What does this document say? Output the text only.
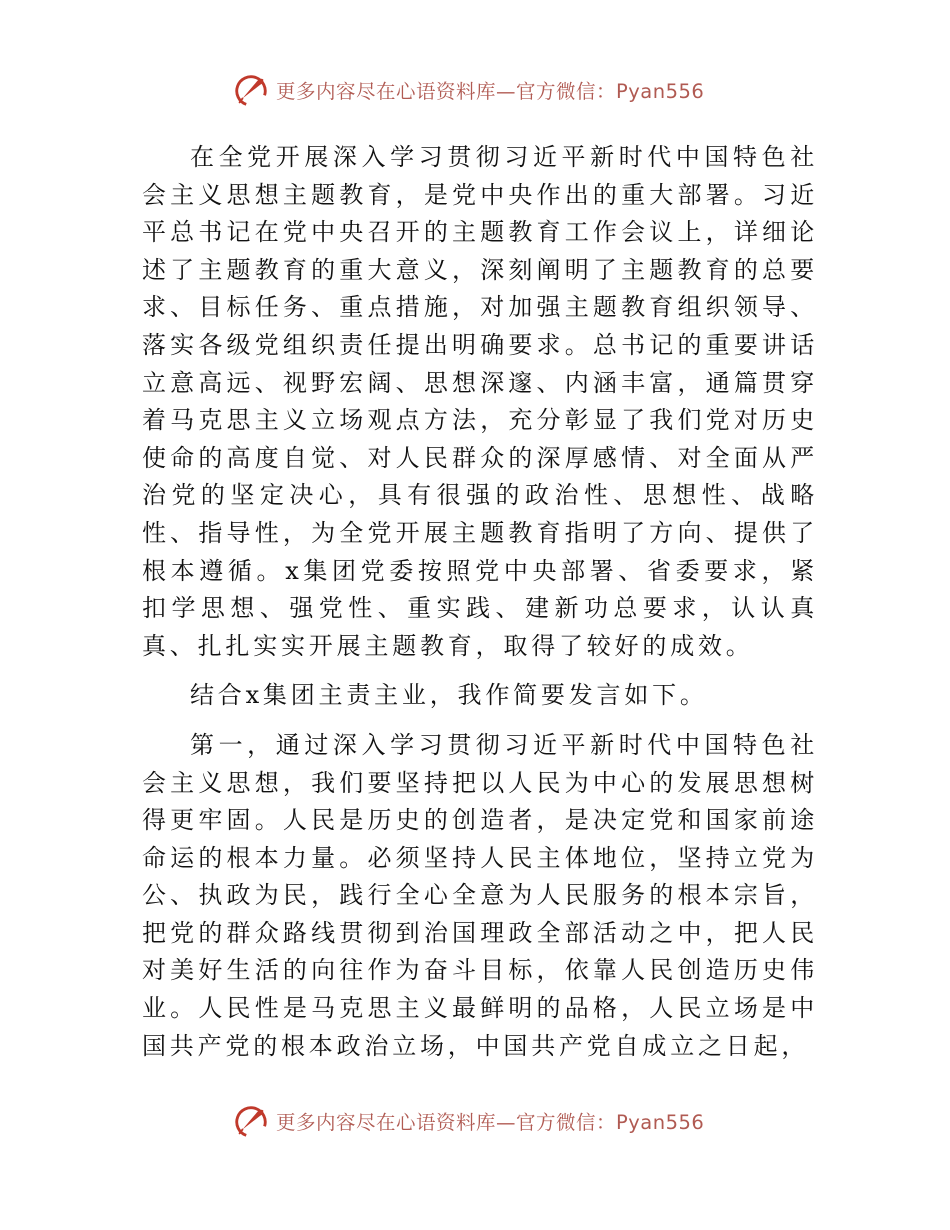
更多内容尽在心语资料库—官方微信：Pyan556

在全党开展深入学习贯彻习近平新时代中国特色社会主义思想主题教育，是党中央作出的重大部署。习近平总书记在党中央召开的主题教育工作会议上，详细论述了主题教育的重大意义，深刻阐明了主题教育的总要求、目标任务、重点措施，对加强主题教育组织领导、落实各级党组织责任提出明确要求。总书记的重要讲话立意高远、视野宏阔、思想深邃、内涵丰富，通篇贯穿着马克思主义立场观点方法，充分彰显了我们党对历史使命的高度自觉、对人民群众的深厚感情、对全面从严治党的坚定决心，具有很强的政治性、思想性、战略性、指导性，为全党开展主题教育指明了方向、提供了根本遵循。x集团党委按照党中央部署、省委要求，紧扣学思想、强党性、重实践、建新功总要求，认认真真、扎扎实实开展主题教育，取得了较好的成效。

结合x集团主责主业，我作简要发言如下。

第一，通过深入学习贯彻习近平新时代中国特色社会主义思想，我们要坚持把以人民为中心的发展思想树得更牢固。人民是历史的创造者，是决定党和国家前途命运的根本力量。必须坚持人民主体地位，坚持立党为公、执政为民，践行全心全意为人民服务的根本宗旨，把党的群众路线贯彻到治国理政全部活动之中，把人民对美好生活的向往作为奋斗目标，依靠人民创造历史伟业。人民性是马克思主义最鲜明的品格，人民立场是中国共产党的根本政治立场，中国共产党自成立之日起，

更多内容尽在心语资料库—官方微信：Pyan556
